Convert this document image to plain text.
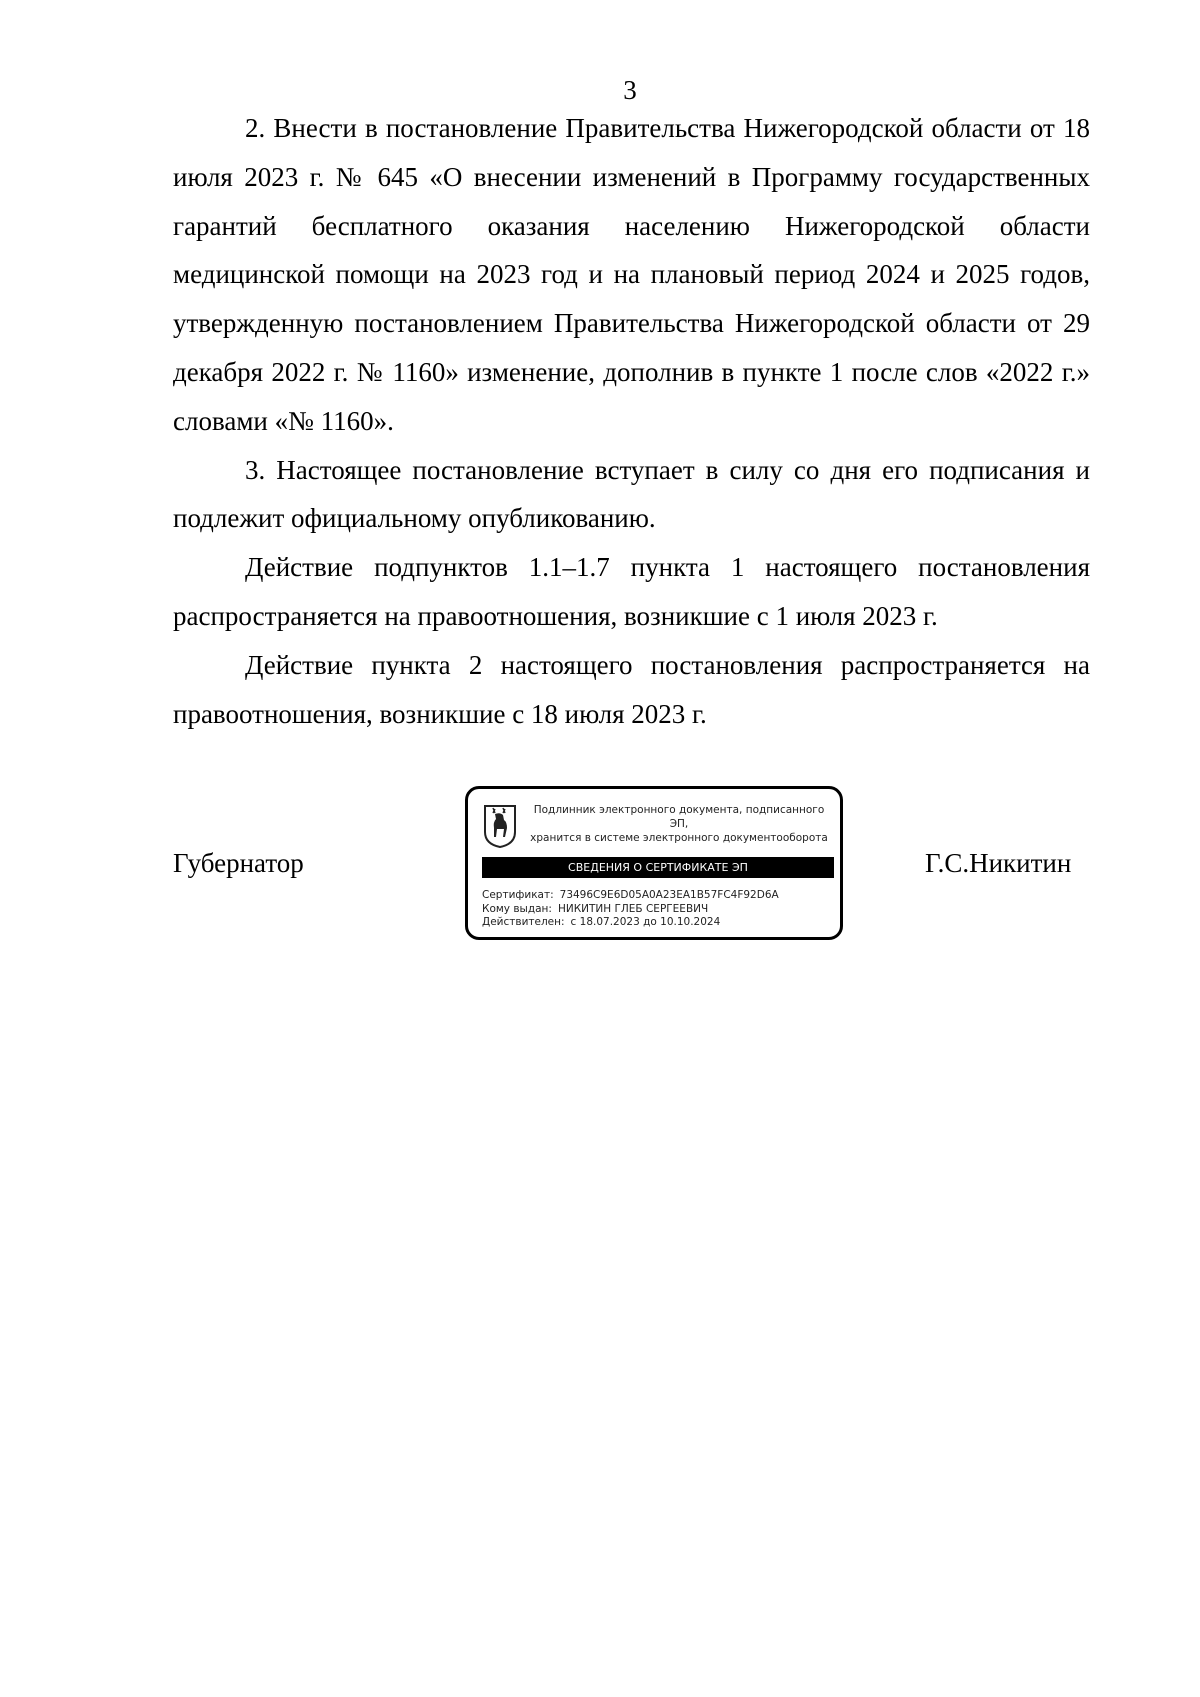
3

2. Внести в постановление Правительства Нижегородской области от 18 июля 2023 г. № 645 «О внесении изменений в Программу государственных гарантий бесплатного оказания населению Нижегородской области медицинской помощи на 2023 год и на плановый период 2024 и 2025 годов, утвержденную постановлением Правительства Нижегородской области от 29 декабря 2022 г. № 1160» изменение, дополнив в пункте 1 после слов «2022 г.» словами «№ 1160».

3. Настоящее постановление вступает в силу со дня его подписания и подлежит официальному опубликованию.

Действие подпунктов 1.1–1.7 пункта 1 настоящего постановления распространяется на правоотношения, возникшие с 1 июля 2023 г.

Действие пункта 2 настоящего постановления распространяется на правоотношения, возникшие с 18 июля 2023 г.

Губернатор	Г.С.Никитин
Подлинник электронного документа, подписанного ЭП,
хранится в системе электронного документооборота
СВЕДЕНИЯ О СЕРТИФИКАТЕ ЭП
Сертификат: 73496C9E6D05A0A23EA1B57FC4F92D6A
Кому выдан: НИКИТИН ГЛЕБ СЕРГЕЕВИЧ
Действителен: с 18.07.2023 до 10.10.2024
